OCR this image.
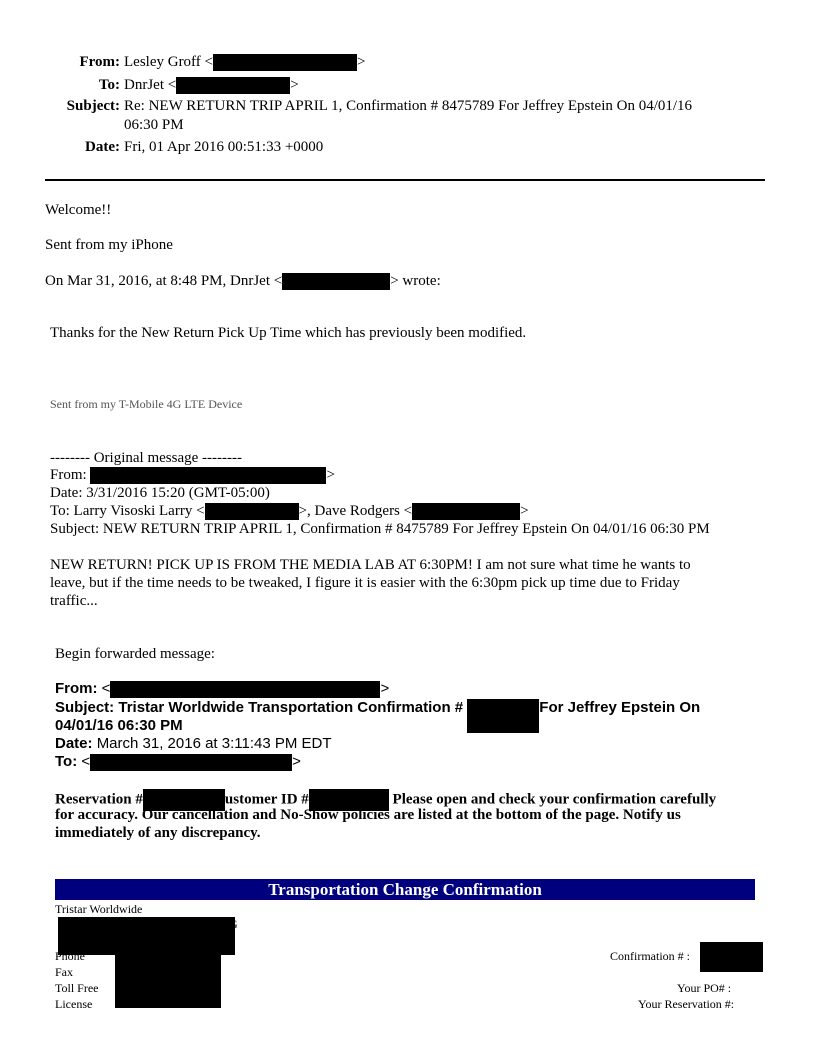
From: Lesley Groff <	>
To: DnrJet <	>
Subject: Re: NEW RETURN TRIP APRIL 1, Confirmation # 8475789 For Jeffrey Epstein On 04/01/16
06:30 PM
Date: Fri, 01 Apr 2016 00:51:33 +0000
Welcome!!
Sent from my iPhone
On Mar 31, 2016, at 8:48 PM, DnrJet <	> wrote:
Thanks for the New Return Pick Up Time which has previously been modified.
Sent from my T-Mobile 4G LTE Device
-------- Original message --------
From:	>
Date: 3/31/2016 15:20 (GMT-05:00)
To: Larry Visoski Larry <	>, Dave Rodgers <	>
Subject: NEW RETURN TRIP APRIL 1, Confirmation # 8475789 For Jeffrey Epstein On 04/01/16 06:30 PM
NEW RETURN! PICK UP IS FROM THE MEDIA LAB AT 6:30PM! I am not sure what time he wants to
leave, but if the time needs to be tweaked, I figure it is easier with the 6:30pm pick up time due to Friday
traffic...
Begin forwarded message:
From: <	>
Subject: Tristar Worldwide Transportation Confirmation #	For Jeffrey Epstein On
04/01/16 06:30 PM
Date: March 31, 2016 at 3:11:43 PM EDT
To: <	>
Reservation #	ustomer ID #	Please open and check your confirmation carefully
for accuracy. Our cancellation and No-Show policies are listed at the bottom of the page. Notify us
immediately of any discrepancy.
Transportation Change Confirmation
Tristar Worldwide
G
Phone
Fax
Toll Free
License
Confirmation # :
Your PO# :
Your Reservation #:
